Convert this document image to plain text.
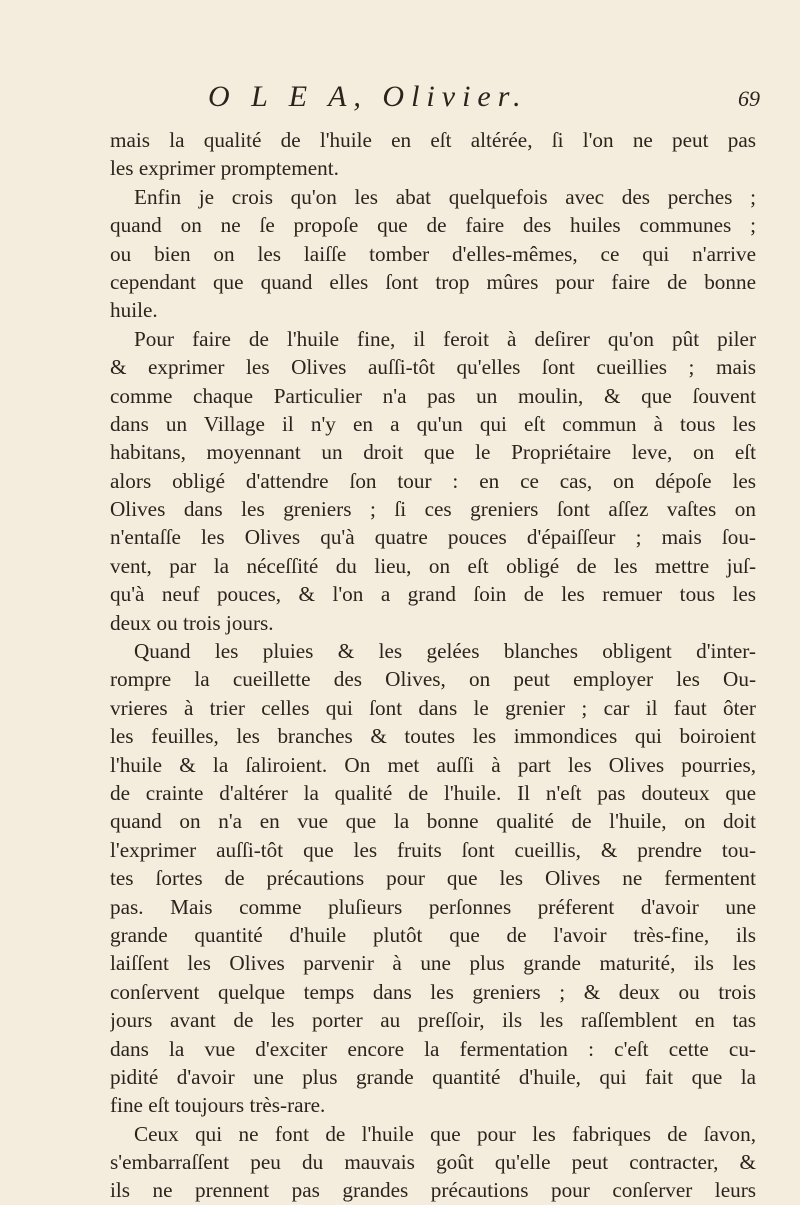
O L E A, Olivier.	69
mais la qualité de l'huile en eſt altérée, ſi l'on ne peut pas
les exprimer promptement.
Enfin je crois qu'on les abat quelquefois avec des perches ;
quand on ne ſe propoſe que de faire des huiles communes ;
ou bien on les laiſſe tomber d'elles-mêmes, ce qui n'arrive
cependant que quand elles ſont trop mûres pour faire de bonne
huile.
Pour faire de l'huile fine, il feroit à deſirer qu'on pût piler
& exprimer les Olives auſſi-tôt qu'elles ſont cueillies ; mais
comme chaque Particulier n'a pas un moulin, & que ſouvent
dans un Village il n'y en a qu'un qui eſt commun à tous les
habitans, moyennant un droit que le Propriétaire leve, on eſt
alors obligé d'attendre ſon tour : en ce cas, on dépoſe les
Olives dans les greniers ; ſi ces greniers ſont aſſez vaſtes on
n'entaſſe les Olives qu'à quatre pouces d'épaiſſeur ; mais ſou-
vent, par la néceſſité du lieu, on eſt obligé de les mettre juſ-
qu'à neuf pouces, & l'on a grand ſoin de les remuer tous les
deux ou trois jours.
Quand les pluies & les gelées blanches obligent d'inter-
rompre la cueillette des Olives, on peut employer les Ou-
vrieres à trier celles qui ſont dans le grenier ; car il faut ôter
les feuilles, les branches & toutes les immondices qui boiroient
l'huile & la ſaliroient. On met auſſi à part les Olives pourries,
de crainte d'altérer la qualité de l'huile. Il n'eſt pas douteux que
quand on n'a en vue que la bonne qualité de l'huile, on doit
l'exprimer auſſi-tôt que les fruits ſont cueillis, & prendre tou-
tes ſortes de précautions pour que les Olives ne fermentent
pas. Mais comme pluſieurs perſonnes préferent d'avoir une
grande quantité d'huile plutôt que de l'avoir très-fine, ils
laiſſent les Olives parvenir à une plus grande maturité, ils les
conſervent quelque temps dans les greniers ; & deux ou trois
jours avant de les porter au preſſoir, ils les raſſemblent en tas
dans la vue d'exciter encore la fermentation : c'eſt cette cu-
pidité d'avoir une plus grande quantité d'huile, qui fait que la
fine eſt toujours très-rare.
Ceux qui ne font de l'huile que pour les fabriques de ſavon,
s'embarraſſent peu du mauvais goût qu'elle peut contracter, &
ils ne prennent pas grandes précautions pour conſerver leurs
